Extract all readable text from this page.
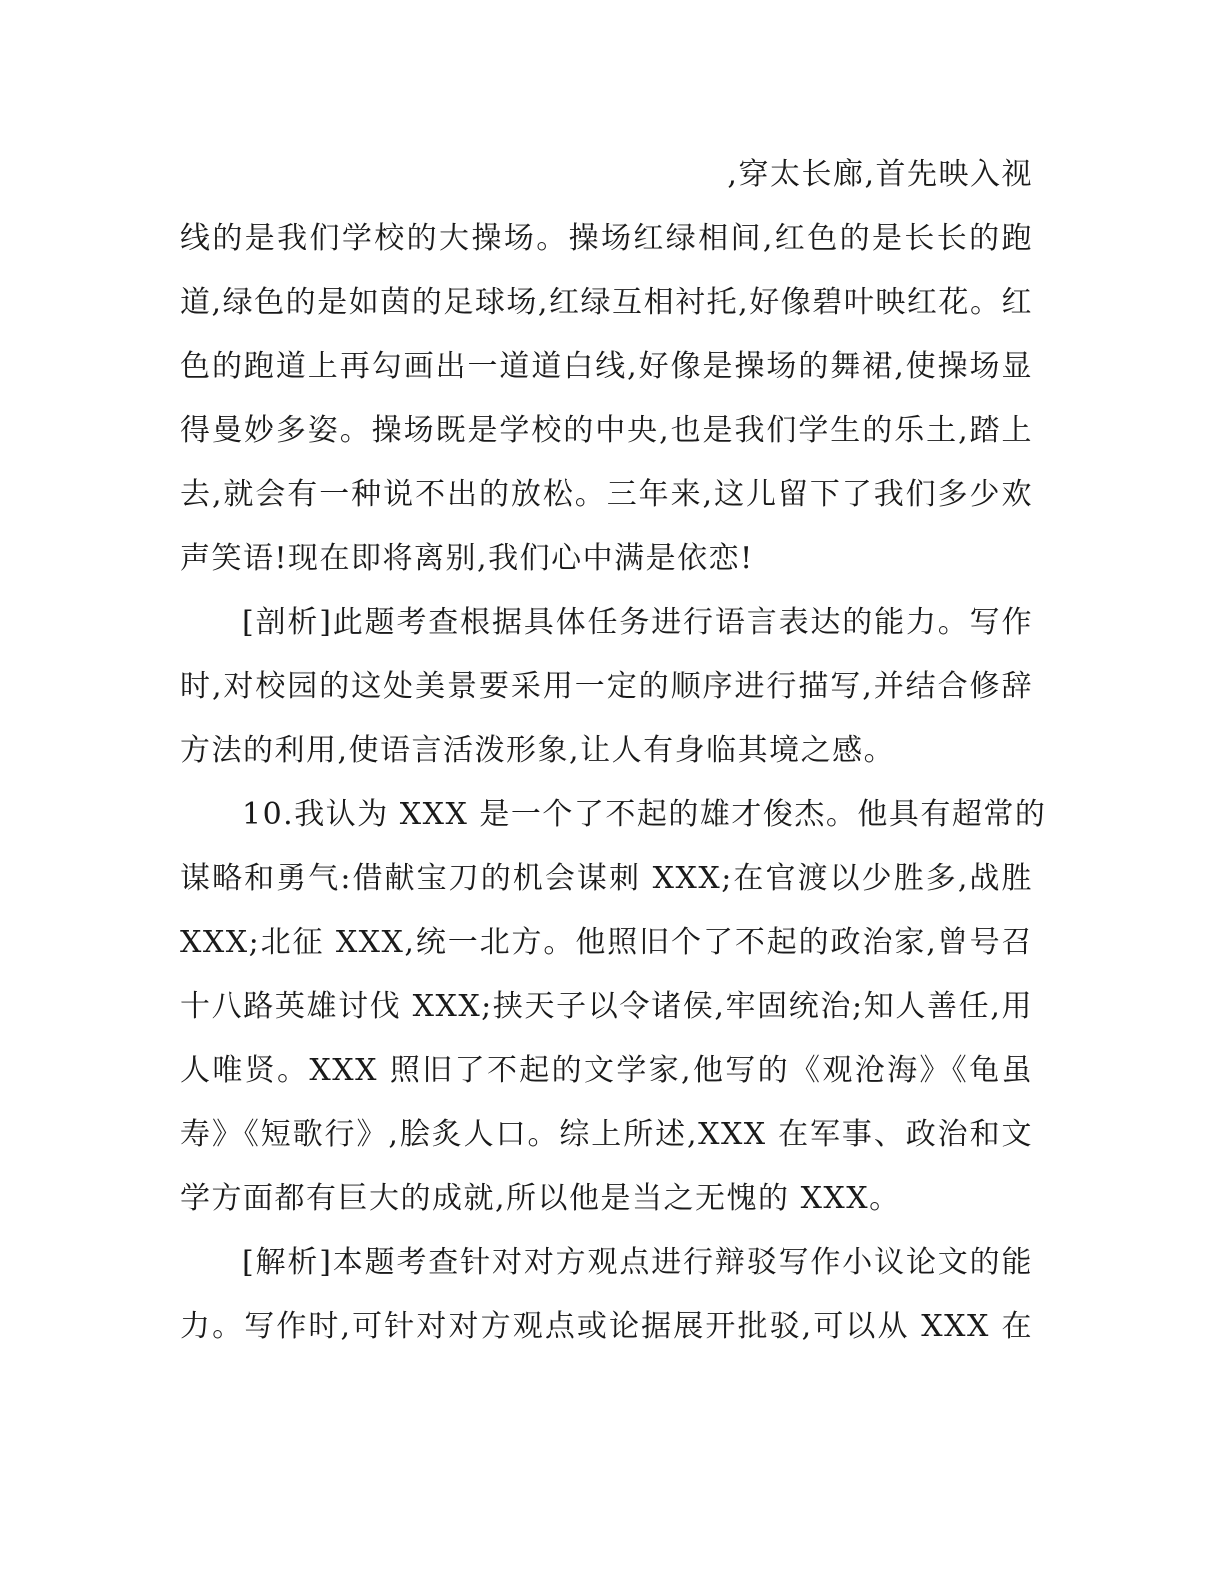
,穿太长廊,首先映入视
线的是我们学校的大操场。操场红绿相间,红色的是长长的跑
道,绿色的是如茵的足球场,红绿互相衬托,好像碧叶映红花。红
色的跑道上再勾画出一道道白线,好像是操场的舞裙,使操场显
得曼妙多姿。操场既是学校的中央,也是我们学生的乐土,踏上
去,就会有一种说不出的放松。三年来,这儿留下了我们多少欢
声笑语!现在即将离别,我们心中满是依恋!
[剖析]此题考查根据具体任务进行语言表达的能力。写作
时,对校园的这处美景要采用一定的顺序进行描写,并结合修辞
方法的利用,使语言活泼形象,让人有身临其境之感。
10.我认为 XXX 是一个了不起的雄才俊杰。他具有超常的
谋略和勇气:借献宝刀的机会谋刺 XXX;在官渡以少胜多,战胜
XXX;北征 XXX,统一北方。他照旧个了不起的政治家,曾号召
十八路英雄讨伐 XXX;挟天子以令诸侯,牢固统治;知人善任,用
人唯贤。XXX 照旧了不起的文学家,他写的《观沧海》《龟虽
寿》《短歌行》,脍炙人口。综上所述,XXX 在军事、政治和文
学方面都有巨大的成就,所以他是当之无愧的 XXX。
[解析]本题考查针对对方观点进行辩驳写作小议论文的能
力。写作时,可针对对方观点或论据展开批驳,可以从 XXX 在
